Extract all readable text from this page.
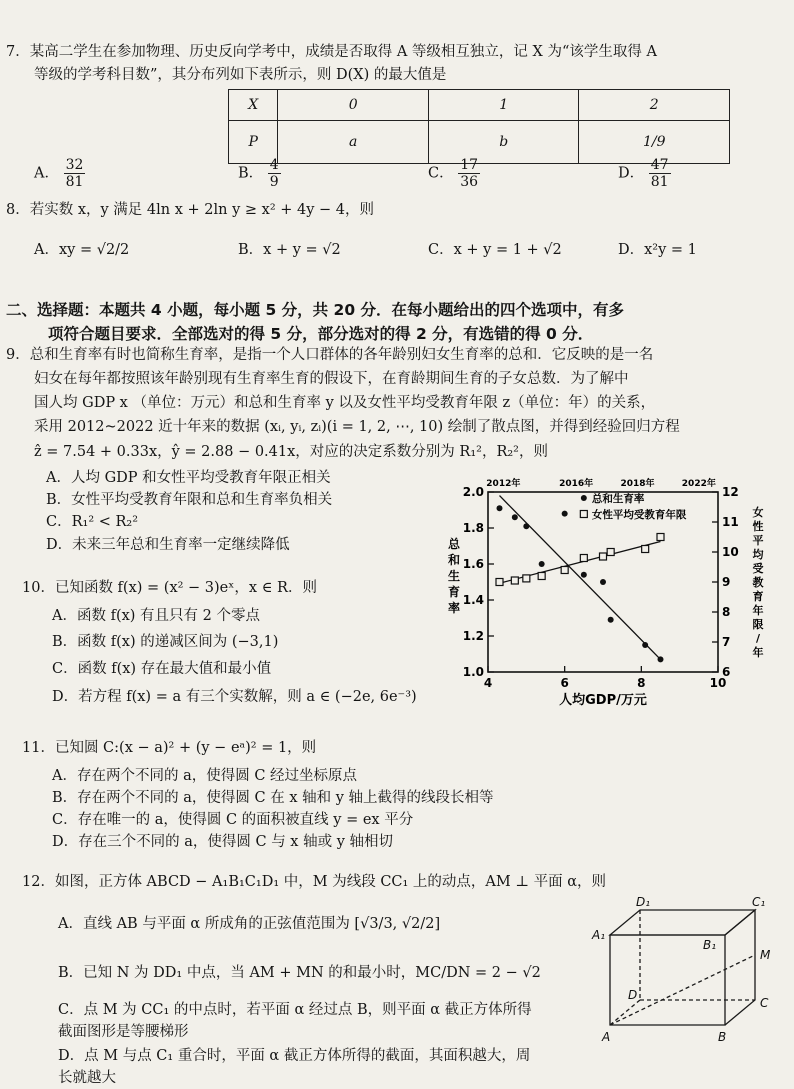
7．某高二学生在参加物理、历史反向学考中，成绩是否取得 A 等级相互独立，记 X 为“该学生取得 A
等级的学考科目数”，其分布列如下表所示，则 D(X) 的最大值是
X	0	1	2
P	a	b	1/9
A． $\frac{32}{81}$	B． $\frac{4}{9}$	C． $\frac{17}{36}$	D． $\frac{47}{81}$
8．若实数 x，y 满足 4ln x + 2ln y ≥ x² + 4y − 4，则
A．xy = √2/2	B．x + y = √2	C．x + y = 1 + √2	D．x²y = 1
二、选择题：本题共 4 小题，每小题 5 分，共 20 分．在每小题给出的四个选项中，有多
项符合题目要求．全部选对的得 5 分，部分选对的得 2 分，有选错的得 0 分．
9．总和生育率有时也简称生育率，是指一个人口群体的各年龄别妇女生育率的总和．它反映的是一名
妇女在每年都按照该年龄别现有生育率生育的假设下，在育龄期间生育的子女总数．为了解中
国人均 GDP x （单位：万元）和总和生育率 y 以及女性平均受教育年限 z（单位：年）的关系，
采用 2012~2022 近十年来的数据 (xᵢ, yᵢ, zᵢ)(i = 1, 2, ⋯, 10) 绘制了散点图，并得到经验回归方程
ẑ = 7.54 + 0.33x，ŷ = 2.88 − 0.41x，对应的决定系数分别为 R₁²，R₂²，则
A．人均 GDP 和女性平均受教育年限正相关
B．女性平均受教育年限和总和生育率负相关
C．R₁² < R₂²
D．未来三年总和生育率一定继续降低
4	6	8	10
1.0
1.2
1.4
1.6
1.8
2.0
6
7
8
9
10
11
12
2012年	2016年	2018年	2022年
人均GDP/万元
总
和
生
育
率
女
性
平
均
受
教
育
年
限
/
年
总和生育率
女性平均受教育年限
10．已知函数 f(x) = (x² − 3)eˣ，x ∈ R．则
A．函数 f(x) 有且只有 2 个零点
B．函数 f(x) 的递减区间为 (−3,1)
C．函数 f(x) 存在最大值和最小值
D．若方程 f(x) = a 有三个实数解，则 a ∈ (−2e, 6e⁻³)
11．已知圆 C:(x − a)² + (y − eᵃ)² = 1，则
A．存在两个不同的 a，使得圆 C 经过坐标原点
B．存在两个不同的 a，使得圆 C 在 x 轴和 y 轴上截得的线段长相等
C．存在唯一的 a，使得圆 C 的面积被直线 y = ex 平分
D．存在三个不同的 a，使得圆 C 与 x 轴或 y 轴相切
12．如图，正方体 ABCD − A₁B₁C₁D₁ 中，M 为线段 CC₁ 上的动点，AM ⊥ 平面 α，则
A．直线 AB 与平面 α 所成角的正弦值范围为 [√3/3, √2/2]
B．已知 N 为 DD₁ 中点，当 AM + MN 的和最小时，MC/DN = 2 − √2
C．点 M 为 CC₁ 的中点时，若平面 α 经过点 B，则平面 α 截正方体所得
截面图形是等腰梯形
D．点 M 与点 C₁ 重合时，平面 α 截正方体所得的截面，其面积越大，周
长就越大
D₁	C₁
A₁
B₁
M
D
C
A	B
